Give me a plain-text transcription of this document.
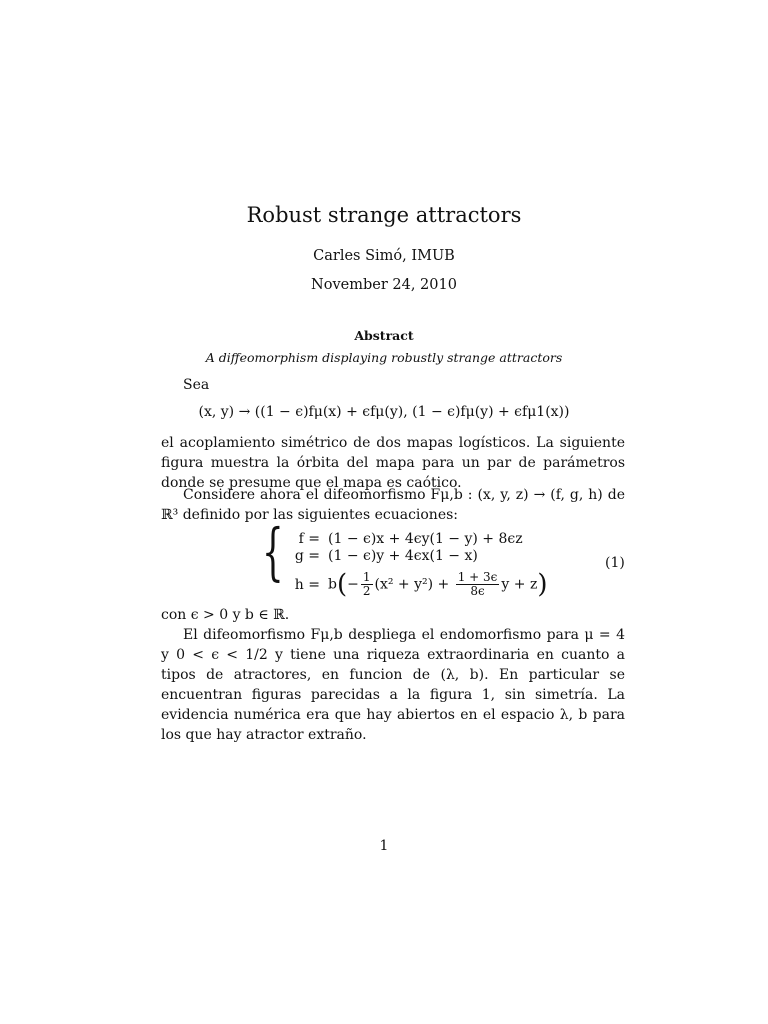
Robust strange attractors
Carles Simó, IMUB
November 24, 2010
Abstract
A diffeomorphism displaying robustly strange attractors
Sea
(x, y) → ((1 − ϵ)fμ(x) + ϵfμ(y), (1 − ϵ)fμ(y) + ϵfμ1(x))
el acoplamiento simétrico de dos mapas logísticos. La siguiente figura muestra la órbita del mapa para un par de parámetros donde se presume que el mapa es caótico.
Considere ahora el difeomorfismo Fμ,b : (x, y, z) → (f, g, h) de ℝ³ definido por las siguientes ecuaciones:
{	f = (1 − ϵ)x + 4ϵy(1 − y) + 8ϵz
g = (1 − ϵ)y + 4ϵx(1 − x)
$h = b(- \frac{1}{2} (x^2 + y^2) + \frac{1 + 3\epsilon}{8\epsilon}$ y + z)
(1)
con ϵ > 0 y b ∈ ℝ.
El difeomorfismo Fμ,b despliega el endomorfismo para μ = 4 y 0 < ϵ < 1/2 y tiene una riqueza extraordinaria en cuanto a tipos de atractores, en funcion de (λ, b). En particular se encuentran figuras parecidas a la figura 1, sin simetría. La evidencia numérica era que hay abiertos en el espacio λ, b para los que hay atractor extraño.
1
